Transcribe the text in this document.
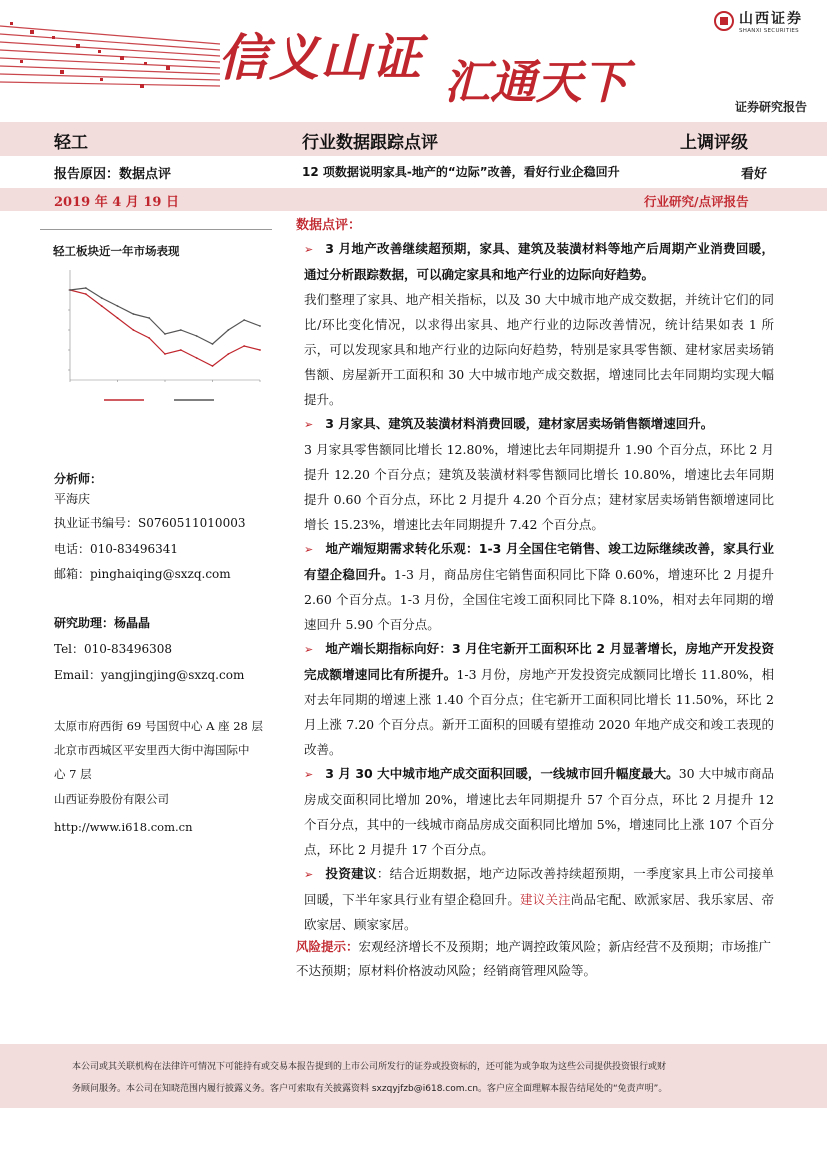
信义山证 汇通天下
山西证券
SHANXI SECURITIES
证券研究报告
轻工	行业数据跟踪点评	上调评级
报告原因：数据点评	12 项数据说明家具-地产的“边际”改善，看好行业企稳回升	看好
2019 年 4 月 19 日	行业研究/点评报告
轻工板块近一年市场表现
分析师：
平海庆
执业证书编号：S0760511010003
电话：010-83496341
邮箱：pinghaiqing@sxzq.com
研究助理：杨晶晶
Tel：010-83496308
Email：yangjingjing@sxzq.com
太原市府西街 69 号国贸中心 A 座 28 层
北京市西城区平安里西大街中海国际中
心 7 层
山西证券股份有限公司
http://www.i618.com.cn
数据点评：
➢ 3 月地产改善继续超预期，家具、建筑及装潢材料等地产后周期产业消费回暖，通过分析跟踪数据，可以确定家具和地产行业的边际向好趋势。
我们整理了家具、地产相关指标，以及 30 大中城市地产成交数据，并统计它们的同比/环比变化情况，以求得出家具、地产行业的边际改善情况，统计结果如表 1 所示，可以发现家具和地产行业的边际向好趋势，特别是家具零售额、建材家居卖场销售额、房屋新开工面积和 30 大中城市地产成交数据，增速同比去年同期均实现大幅提升。
➢ 3 月家具、建筑及装潢材料消费回暖，建材家居卖场销售额增速回升。
3 月家具零售额同比增长 12.80%，增速比去年同期提升 1.90 个百分点，环比 2 月提升 12.20 个百分点；建筑及装潢材料零售额同比增长 10.80%，增速比去年同期提升 0.60 个百分点，环比 2 月提升 4.20 个百分点；建材家居卖场销售额增速同比增长 15.23%，增速比去年同期提升 7.42 个百分点。
➢ 地产端短期需求转化乐观：1-3 月全国住宅销售、竣工边际继续改善，家具行业有望企稳回升。1-3 月，商品房住宅销售面积同比下降 0.60%，增速环比 2 月提升 2.60 个百分点。1-3 月份，全国住宅竣工面积同比下降 8.10%，相对去年同期的增速回升 5.90 个百分点。
➢ 地产端长期指标向好：3 月住宅新开工面积环比 2 月显著增长，房地产开发投资完成额增速同比有所提升。1-3 月份，房地产开发投资完成额同比增长 11.80%，相对去年同期的增速上涨 1.40 个百分点；住宅新开工面积同比增长 11.50%，环比 2 月上涨 7.20 个百分点。新开工面积的回暖有望推动 2020 年地产成交和竣工表现的改善。
➢ 3 月 30 大中城市地产成交面积回暖，一线城市回升幅度最大。30 大中城市商品房成交面积同比增加 20%，增速比去年同期提升 57 个百分点，环比 2 月提升 12 个百分点，其中的一线城市商品房成交面积同比增加 5%，增速同比上涨 107 个百分点，环比 2 月提升 17 个百分点。
➢ 投资建议：结合近期数据，地产边际改善持续超预期，一季度家具上市公司接单回暖，下半年家具行业有望企稳回升。建议关注尚品宅配、欧派家居、我乐家居、帝欧家居、顾家家居。
风险提示：宏观经济增长不及预期；地产调控政策风险；新店经营不及预期；市场推广不达预期；原材料价格波动风险；经销商管理风险等。

本公司或其关联机构在法律许可情况下可能持有或交易本报告提到的上市公司所发行的证券或投资标的，还可能为或争取为这些公司提供投资银行或财

务顾问服务。本公司在知晓范围内履行披露义务。客户可索取有关披露资料 sxzqyjfzb@i618.com.cn。客户应全面理解本报告结尾处的“免责声明”。
